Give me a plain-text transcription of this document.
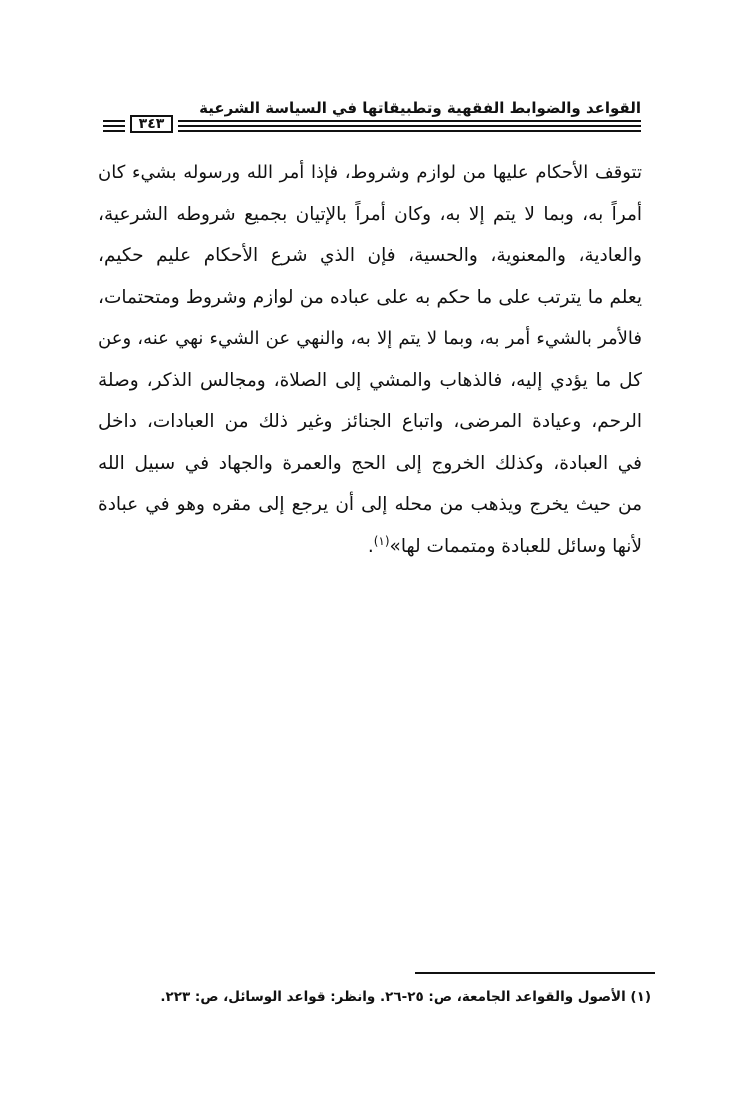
القواعد والضوابط الفقهية وتطبيقاتها في السياسة الشرعية
٣٤٣
تتوقف الأحكام عليها من لوازم وشروط، فإذا أمر الله ورسوله بشيء كان
أمراً به، وبما لا يتم إلا به، وكان أمراً بالإتيان بجميع شروطه الشرعية،
والعادية، والمعنوية، والحسية، فإن الذي شرع الأحكام عليم حكيم،
يعلم ما يترتب على ما حكم به على عباده من لوازم وشروط ومتحتمات،
فالأمر بالشيء أمر به، وبما لا يتم إلا به، والنهي عن الشيء نهي عنه، وعن
كل ما يؤدي إليه، فالذهاب والمشي إلى الصلاة، ومجالس الذكر، وصلة
الرحم، وعيادة المرضى، واتباع الجنائز وغير ذلك من العبادات، داخل
في العبادة، وكذلك الخروج إلى الحج والعمرة والجهاد في سبيل الله
من حيث يخرج ويذهب من محله إلى أن يرجع إلى مقره وهو في عبادة
لأنها وسائل للعبادة ومتممات لها»$^{(١)}$.
(١) الأصول والقواعد الجامعة، ص: ٢٥-٢٦. وانظر: قواعد الوسائل، ص: ٢٢٣.
